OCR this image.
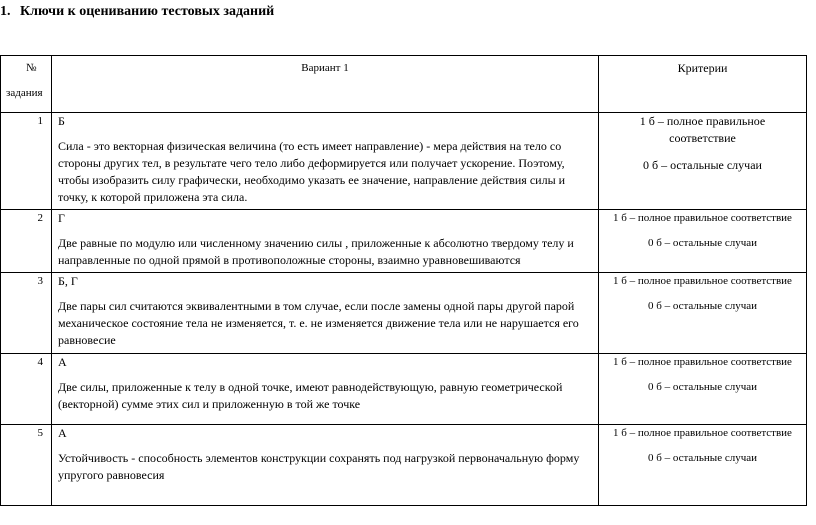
1. Ключи к оцениванию тестовых заданий
№
задания	Вариант 1	Критерии
1	Б
Сила - это векторная физическая величина (то есть имеет направление) - мера действия на тело со стороны других тел, в результате чего тело либо деформируется или получает ускорение. Поэтому, чтобы изобразить силу графически, необходимо указать ее значение, направление действия силы и точку, к которой приложена эта сила.	1 б – полное правильное соответствие
0 б – остальные случаи

2	Г
Две равные по модулю или численному значению силы , приложенные к абсолютно твердому телу и направленные по одной прямой в противоположные стороны, взаимно уравновешиваются	1 б – полное правильное соответствие
0 б – остальные случаи

3	Б, Г
Две пары сил считаются эквивалентными в том случае, если после замены одной пары другой парой механическое состояние тела не изменяется, т. е. не изменяется движение тела или не нарушается его равновесие	1 б – полное правильное соответствие
0 б – остальные случаи

4	А
Две силы, приложенные к телу в одной точке, имеют равнодействующую, равную геометрической (векторной) сумме этих сил и приложенную в той же точке	1 б – полное правильное соответствие
0 б – остальные случаи

5	А
Устойчивость - способность элементов конструкции сохранять под нагрузкой первоначальную форму упругого равновесия	1 б – полное правильное соответствие
0 б – остальные случаи
